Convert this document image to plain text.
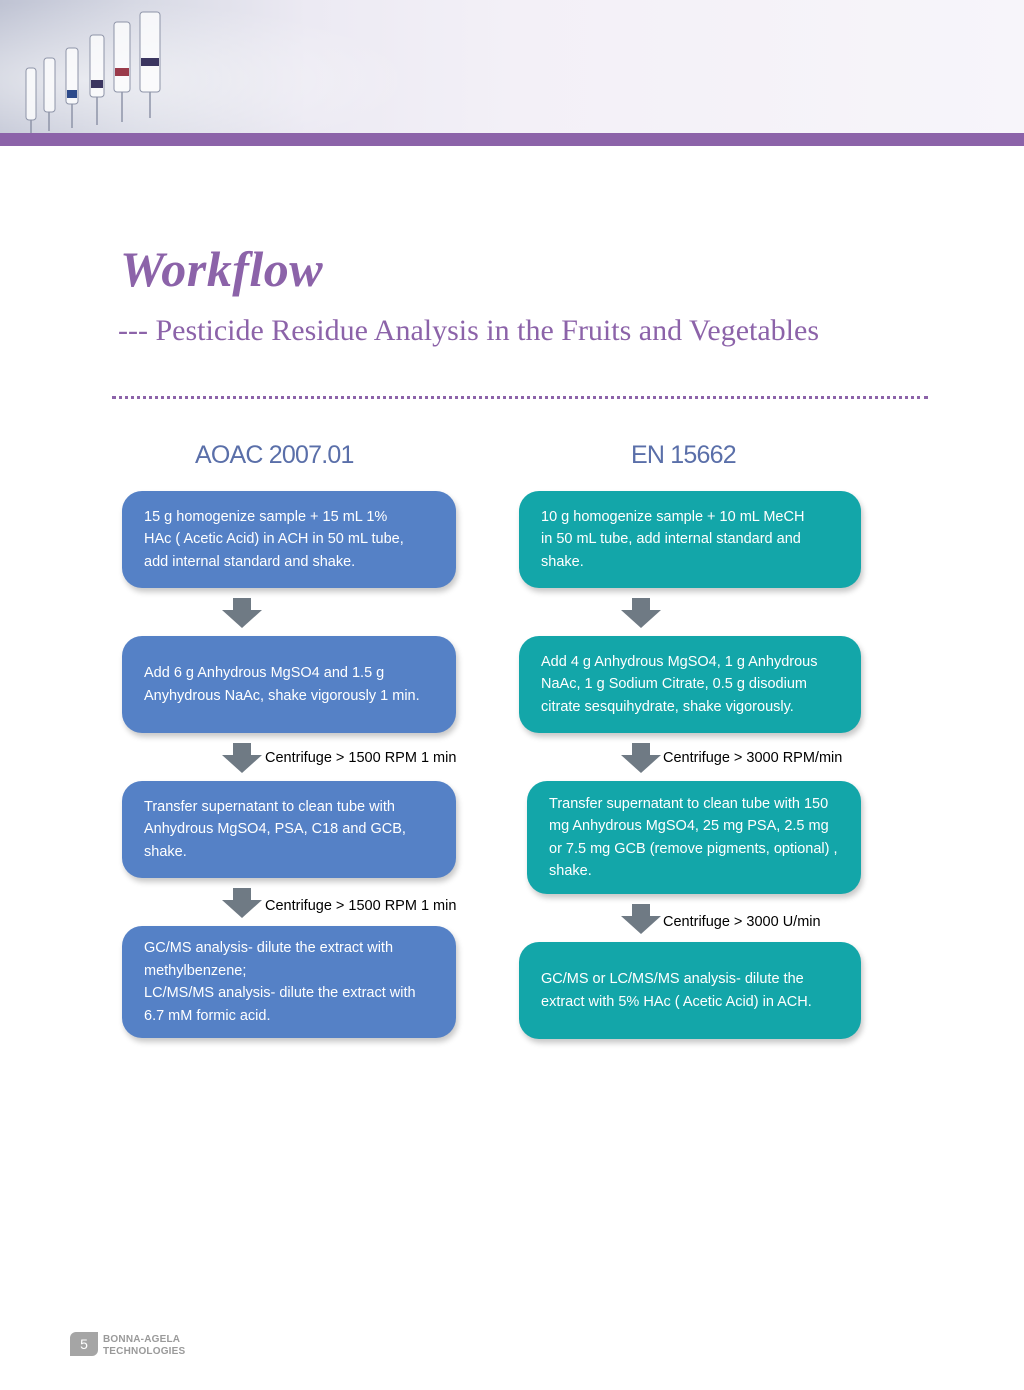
Workflow
--- Pesticide Residue Analysis in the Fruits and Vegetables
AOAC 2007.01	EN 15662
15 g homogenize sample + 15 mL 1%
HAc ( Acetic Acid) in ACH in 50 mL tube,
add internal standard and shake.
Add 6 g Anhydrous MgSO4 and 1.5 g
Anyhydrous NaAc, shake vigorously 1 min.
Centrifuge > 1500 RPM 1 min
Transfer supernatant to clean tube with
Anhydrous MgSO4, PSA, C18 and GCB,
shake.
Centrifuge > 1500 RPM 1 min
GC/MS analysis- dilute the extract with
methylbenzene;
LC/MS/MS analysis- dilute the extract with
6.7 mM formic acid.
10 g homogenize sample + 10 mL MeCH
in 50 mL tube, add internal standard and
shake.
Add 4 g Anhydrous MgSO4, 1 g Anhydrous
NaAc, 1 g Sodium Citrate, 0.5 g disodium
citrate sesquihydrate, shake vigorously.
Centrifuge > 3000 RPM/min
Transfer supernatant to clean tube with 150
mg Anhydrous MgSO4, 25 mg PSA, 2.5 mg
or 7.5 mg GCB (remove pigments, optional) ,
shake.
Centrifuge > 3000 U/min
GC/MS or LC/MS/MS analysis- dilute the
extract with 5% HAc ( Acetic Acid) in ACH.
5	BONNA-AGELA
TECHNOLOGIES
